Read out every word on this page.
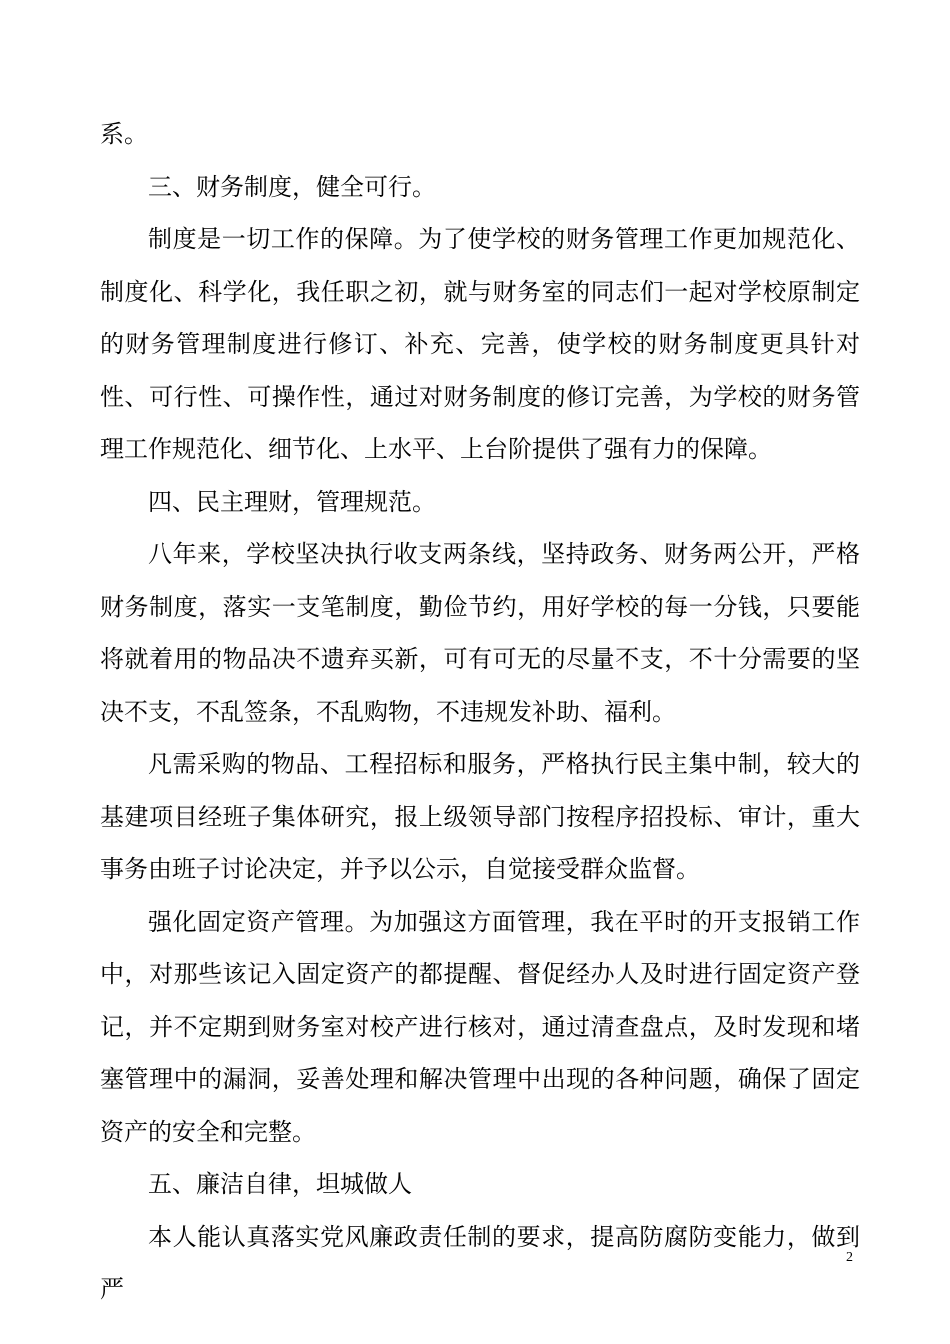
系。

三、财务制度，健全可行。

制度是一切工作的保障。为了使学校的财务管理工作更加规范化、制度化、科学化，我任职之初，就与财务室的同志们一起对学校原制定的财务管理制度进行修订、补充、完善，使学校的财务制度更具针对性、可行性、可操作性，通过对财务制度的修订完善，为学校的财务管理工作规范化、细节化、上水平、上台阶提供了强有力的保障。

四、民主理财，管理规范。

八年来，学校坚决执行收支两条线，坚持政务、财务两公开，严格财务制度，落实一支笔制度，勤俭节约，用好学校的每一分钱，只要能将就着用的物品决不遗弃买新，可有可无的尽量不支，不十分需要的坚决不支，不乱签条，不乱购物，不违规发补助、福利。

凡需采购的物品、工程招标和服务，严格执行民主集中制，较大的基建项目经班子集体研究，报上级领导部门按程序招投标、审计，重大事务由班子讨论决定，并予以公示，自觉接受群众监督。

强化固定资产管理。为加强这方面管理，我在平时的开支报销工作中，对那些该记入固定资产的都提醒、督促经办人及时进行固定资产登记，并不定期到财务室对校产进行核对，通过清查盘点，及时发现和堵塞管理中的漏洞，妥善处理和解决管理中出现的各种问题，确保了固定资产的安全和完整。

五、廉洁自律，坦城做人

本人能认真落实党风廉政责任制的要求，提高防腐防变能力，做到严

2
